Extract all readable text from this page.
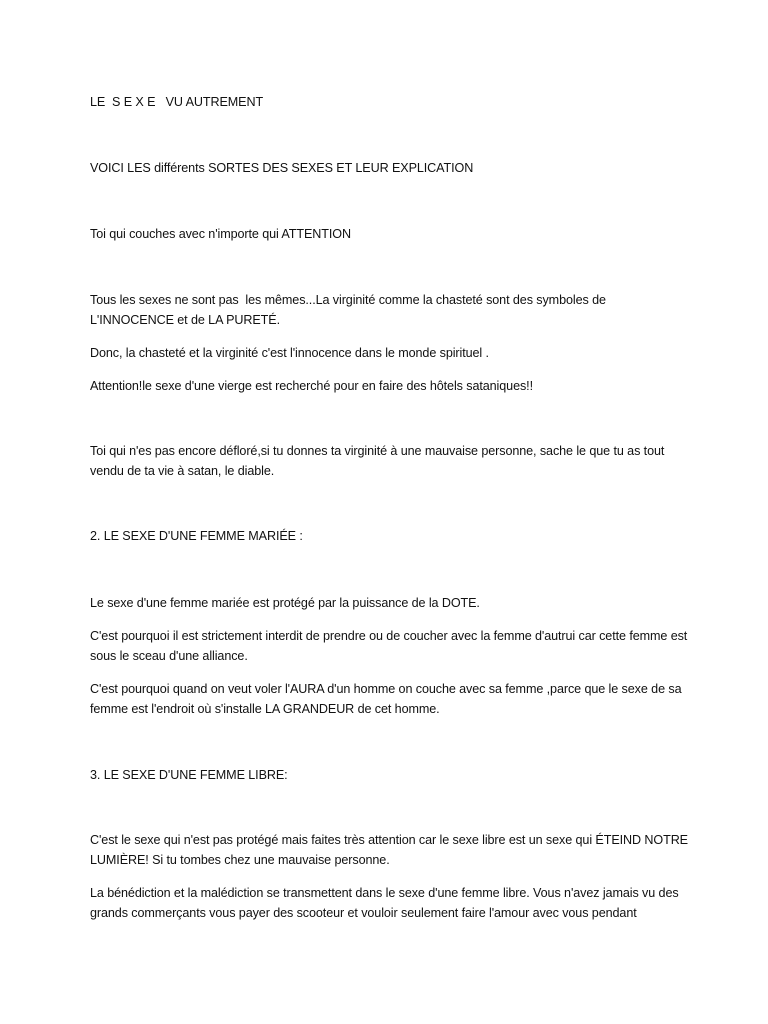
LE  S E X E   VU AUTREMENT

VOICI LES différents SORTES DES SEXES ET LEUR EXPLICATION

Toi qui couches avec n'importe qui ATTENTION

Tous les sexes ne sont pas  les mêmes...La virginité comme la chasteté sont des symboles de L'INNOCENCE et de LA PURETÉ.

Donc, la chasteté et la virginité c'est l'innocence dans le monde spirituel .

Attention!le sexe d'une vierge est recherché pour en faire des hôtels sataniques!!

Toi qui n'es pas encore défloré,si tu donnes ta virginité à une mauvaise personne, sache le que tu as tout vendu de ta vie à satan, le diable.

2. LE SEXE D'UNE FEMME MARIÉE :

Le sexe d'une femme mariée est protégé par la puissance de la DOTE.

C'est pourquoi il est strictement interdit de prendre ou de coucher avec la femme d'autrui car cette femme est sous le sceau d'une alliance.

C'est pourquoi quand on veut voler l'AURA d'un homme on couche avec sa femme ,parce que le sexe de sa femme est l'endroit où s'installe LA GRANDEUR de cet homme.

3. LE SEXE D'UNE FEMME LIBRE:

C'est le sexe qui n'est pas protégé mais faites très attention car le sexe libre est un sexe qui ÉTEIND NOTRE LUMIÈRE! Si tu tombes chez une mauvaise personne.

La bénédiction et la malédiction se transmettent dans le sexe d'une femme libre. Vous n'avez jamais vu des grands commerçants vous payer des scooteur et vouloir seulement faire l'amour avec vous pendant
